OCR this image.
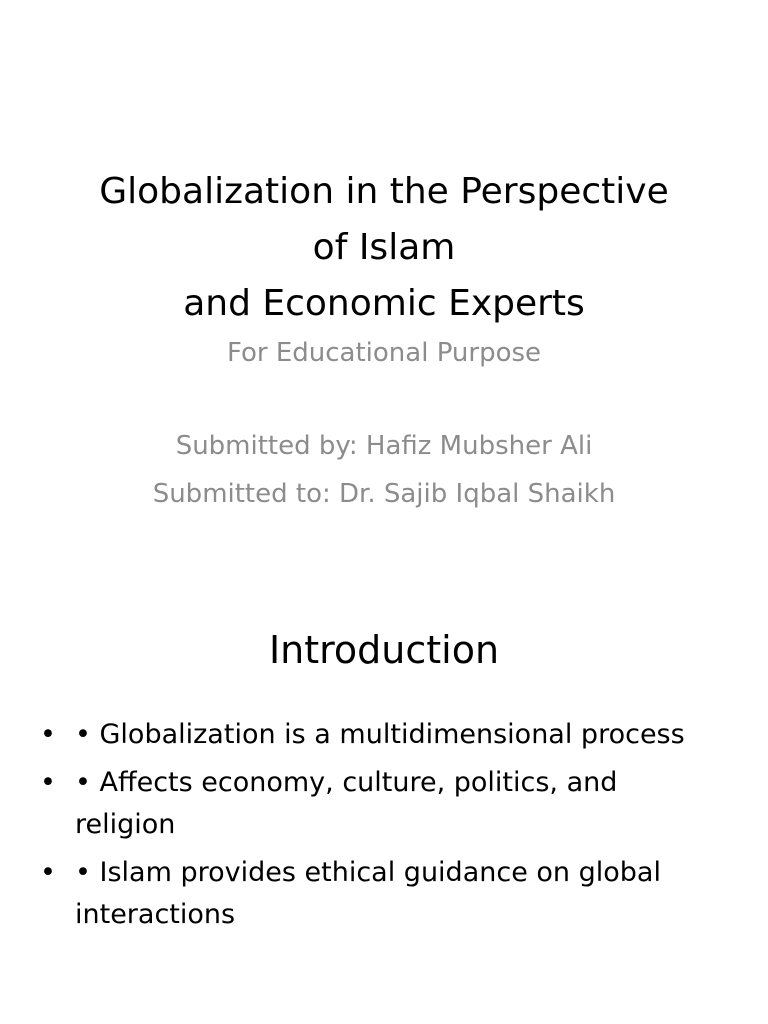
Globalization in the Perspective
of Islam
and Economic Experts

For Educational Purpose

Submitted by: Hafiz Mubsher Ali

Submitted to: Dr. Sajib Iqbal Shaikh

Introduction
• • Globalization is a multidimensional process
• • Affects economy, culture, politics, and religion
• • Islam provides ethical guidance on global interactions
